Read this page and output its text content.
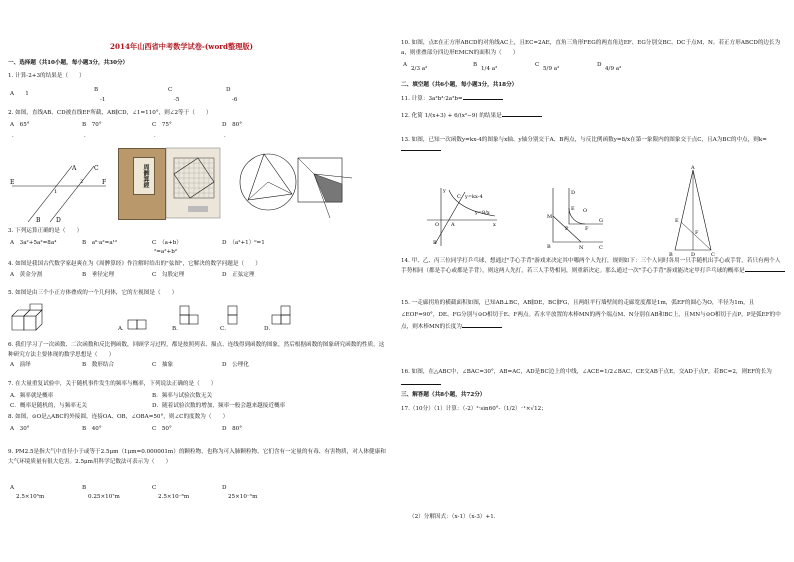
2014年山西省中考数学试卷-(word整理版)
一、选择题（共10小题，每小题3分，共30分）
1. 计算-2+3的结果是（　　）
A　　1
B
-1
C
-5
D
-6
2. 如图，直线AB、CD被直线EF所截，AB∥CD，∠1=110°，则∠2等于（　　）
A　65°	B　70°	C　75°	D　80°
．	．	．	．
A
B
C
D
E	F
1
2	周髀算經
3. 下列运算正确的是（　　）
A　3a²+5a²=8a⁴	B　a⁶·a²=a¹²	C　（a+b）	D　（a²+1）⁰=1
²=a²+b²
4. 如图是我国古代数学家赵爽在为《周髀算经》作注解时给出的"弦图"，它解决的数学问题是（　　）
A　黄金分割	B　垂径定理	C　勾股定理	D　正弦定理
5. 如图是由三个小正方体叠成的一个几何体，它的左视图是（　　）
A．	B．	C．	D．
6. 我们学习了一次函数、二次函数和反比例函数，回顾学习过程，都是按照列表、描点、连线得到函数的图象，然后根据函数的图象研究函数的性质，这种研究方法主要体现的数学思想是（　　）
A　演绎	B　数形结合	C　抽象	D　公理化
7. 在大量重复试验中，关于随机事件发生的频率与概率，下列说法正确的是（　　）
A．频率就是概率	B．频率与试验次数无关
C．概率是随机的，与频率无关	D．随着试验次数的增加，频率一般会越来越接近概率
8. 如图，⊙O是△ABC的外接圆，连接OA、OB，∠OBA=50°，则∠C的度数为（　　）
A　30°	B　40°	C　50°	D　80°
9. PM2.5是指大气中直径小于或等于2.5μm（1μm=0.000001m）的颗粒物，也称为可入肺颗粒物，它们含有一定量的有毒、有害物质，对人体健康和大气环境质量有很大危害。2.5μm用科学记数法可表示为（　　）
A
2.5×10⁵m
B
0.25×10⁷m
C
2.5×10⁻⁶m
D
25×10⁻⁵m
10. 如图，点E在正方形ABCD的对角线AC上，且EC=2AE，直角三角形FEG的两直角边EF、EG分别交BC、DC于点M、N。若正方形ABCD的边长为a，则重叠部分四边形EMCN的面积为（　　）
A
2/3 a²
B
1/4 a²
C
5/9 a²
D
4/9 a²
二、填空题（共6小题，每小题3分，共18分）
11. 计算：3a²b³·2a²b=
12. 化简 1/(x+3) + 6/(x²−9) 的结果是
13. 如图，已知一次函数y=kx-4的图象与x轴、y轴分别交于A、B两点，与反比例函数y=8/x在第一象限内的图象交于点C，且A为BC的中点，则k=
y
C y=kx-4
y=8/x
O A	x
B
B
M
D
E O
P	F
G
N	C
A
E
F
B	D	C
14. 甲、乙、丙三位同学打乒乓球，想通过"手心手背"游戏来决定其中哪两个人先打，规则如下：三个人同时各用一只手随机出手心或手背，若只有两个人手势相同（都是手心或都是手背），则这两人先打，若三人手势相同，则重新决定。那么通过一次"手心手背"游戏能决定甲打乒乓球的概率是
15. 一走廊拐角的横截面积如图，已知AB⊥BC，AB∥DE，BC∥FG，且两组平行墙壁间的走廊宽度都是1m，弧EF的圆心为O，半径为1m，且∠EOF=90°，DE、FG分别与⊙O相切于E、F两点。若水平放置的木棒MN的两个端点M、N分别在AB和BC上，且MN与⊙O相切于点P，P是弧EF的中点，则木棒MN的长度为
16. 如图，在△ABC中，∠BAC=30°，AB=AC，AD是BC边上的中线，∠ACE=1/2∠BAC，CE交AB于点E，交AD于点F，若BC=2，则EF的长为
三、解答题（共8小题，共72分）
17.（10分）（1）计算：（-2）²·sin60°-（1/2）⁻¹×√12；
（2）分解因式：（x-1）（x-3）+1.
